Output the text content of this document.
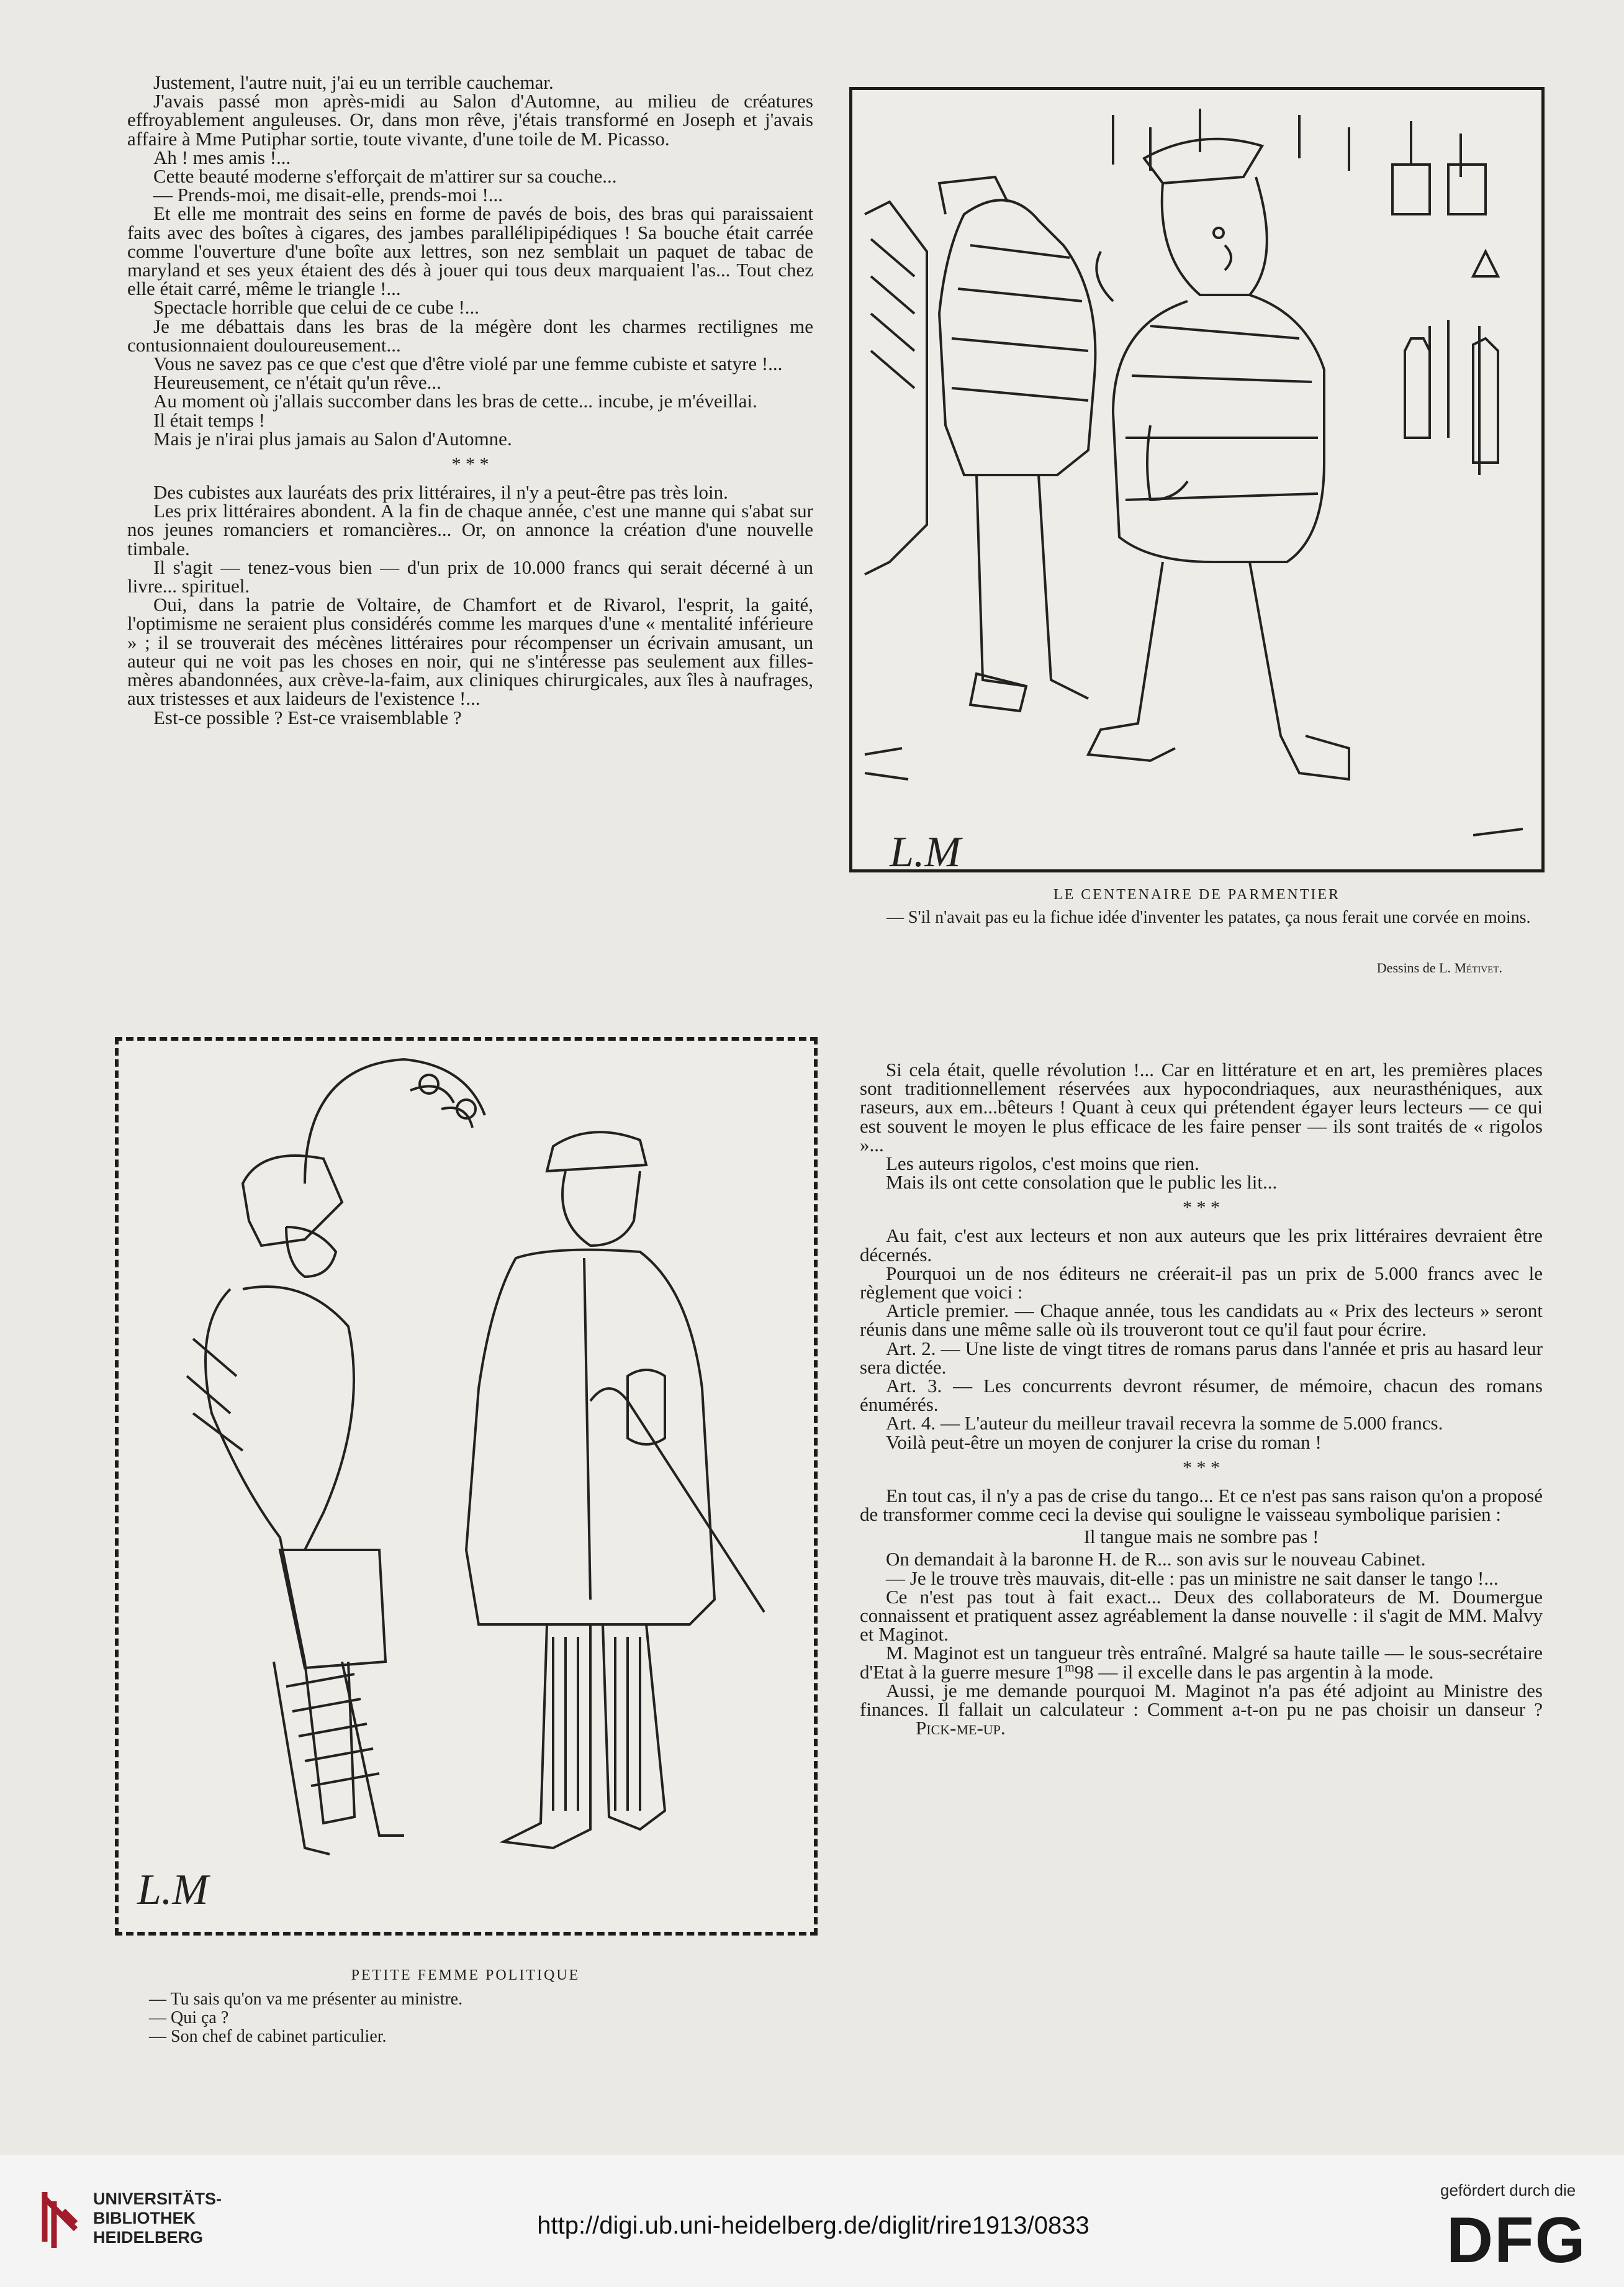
Justement, l'autre nuit, j'ai eu un terrible cauchemar.

J'avais passé mon après-midi au Salon d'Automne, au milieu de créatures effroyablement anguleuses. Or, dans mon rêve, j'étais transformé en Joseph et j'avais affaire à Mme Putiphar sortie, toute vivante, d'une toile de M. Picasso.

Ah ! mes amis !...

Cette beauté moderne s'efforçait de m'attirer sur sa couche...

— Prends-moi, me disait-elle, prends-moi !...

Et elle me montrait des seins en forme de pavés de bois, des bras qui paraissaient faits avec des boîtes à cigares, des jambes parallélipipédiques ! Sa bouche était carrée comme l'ouverture d'une boîte aux lettres, son nez semblait un paquet de tabac de maryland et ses yeux étaient des dés à jouer qui tous deux marquaient l'as... Tout chez elle était carré, même le triangle !...

Spectacle horrible que celui de ce cube !...

Je me débattais dans les bras de la mégère dont les charmes rectilignes me contusionnaient douloureusement...

Vous ne savez pas ce que c'est que d'être violé par une femme cubiste et satyre !...

Heureusement, ce n'était qu'un rêve...

Au moment où j'allais succomber dans les bras de cette... incube, je m'éveillai.

Il était temps !

Mais je n'irai plus jamais au Salon d'Automne.

* * *

Des cubistes aux lauréats des prix littéraires, il n'y a peut-être pas très loin.

Les prix littéraires abondent. A la fin de chaque année, c'est une manne qui s'abat sur nos jeunes romanciers et romancières... Or, on annonce la création d'une nouvelle timbale.

Il s'agit — tenez-vous bien — d'un prix de 10.000 francs qui serait décerné à un livre... spirituel.

Oui, dans la patrie de Voltaire, de Chamfort et de Rivarol, l'esprit, la gaité, l'optimisme ne seraient plus considérés comme les marques d'une « mentalité inférieure » ; il se trouverait des mécènes littéraires pour récompenser un écrivain amusant, un auteur qui ne voit pas les choses en noir, qui ne s'intéresse pas seulement aux filles-mères abandonnées, aux crève-la-faim, aux cliniques chirurgicales, aux îles à naufrages, aux tristesses et aux laideurs de l'existence !...

Est-ce possible ? Est-ce vraisemblable ?

L.M
LE CENTENAIRE DE PARMENTIER
— S'il n'avait pas eu la fichue idée d'inventer les patates, ça nous ferait une corvée en moins.
Dessins de L. Métivet.
L.M
PETITE FEMME POLITIQUE
— Tu sais qu'on va me présenter au ministre.
— Qui ça ?
— Son chef de cabinet particulier.

Si cela était, quelle révolution !... Car en littérature et en art, les premières places sont traditionnellement réservées aux hypocondriaques, aux neurasthéniques, aux raseurs, aux em...bêteurs ! Quant à ceux qui prétendent égayer leurs lecteurs — ce qui est souvent le moyen le plus efficace de les faire penser — ils sont traités de « rigolos »...

Les auteurs rigolos, c'est moins que rien.

Mais ils ont cette consolation que le public les lit...

* * *

Au fait, c'est aux lecteurs et non aux auteurs que les prix littéraires devraient être décernés.

Pourquoi un de nos éditeurs ne créerait-il pas un prix de 5.000 francs avec le règlement que voici :

Article premier. — Chaque année, tous les candidats au « Prix des lecteurs » seront réunis dans une même salle où ils trouveront tout ce qu'il faut pour écrire.

Art. 2. — Une liste de vingt titres de romans parus dans l'année et pris au hasard leur sera dictée.

Art. 3. — Les concurrents devront résumer, de mémoire, chacun des romans énumérés.

Art. 4. — L'auteur du meilleur travail recevra la somme de 5.000 francs.

Voilà peut-être un moyen de conjurer la crise du roman !

* * *

En tout cas, il n'y a pas de crise du tango... Et ce n'est pas sans raison qu'on a proposé de transformer comme ceci la devise qui souligne le vaisseau symbolique parisien :

Il tangue mais ne sombre pas !

On demandait à la baronne H. de R... son avis sur le nouveau Cabinet.

— Je le trouve très mauvais, dit-elle : pas un ministre ne sait danser le tango !...

Ce n'est pas tout à fait exact... Deux des collaborateurs de M. Doumergue connaissent et pratiquent assez agréablement la danse nouvelle : il s'agit de MM. Malvy et Maginot.

M. Maginot est un tangueur très entraîné. Malgré sa haute taille — le sous-secrétaire d'Etat à la guerre mesure 1$^m$98 — il excelle dans le pas argentin à la mode.

Aussi, je me demande pourquoi M. Maginot n'a pas été adjoint au Ministre des finances. Il fallait un calculateur : Comment a-t-on pu ne pas choisir un danseur ?Pick-me-up.

UNIVERSITÄTS-
BIBLIOTHEK
HEIDELBERG	http://digi.ub.uni-heidelberg.de/diglit/rire1913/0833
gefördert durch die
DFG
